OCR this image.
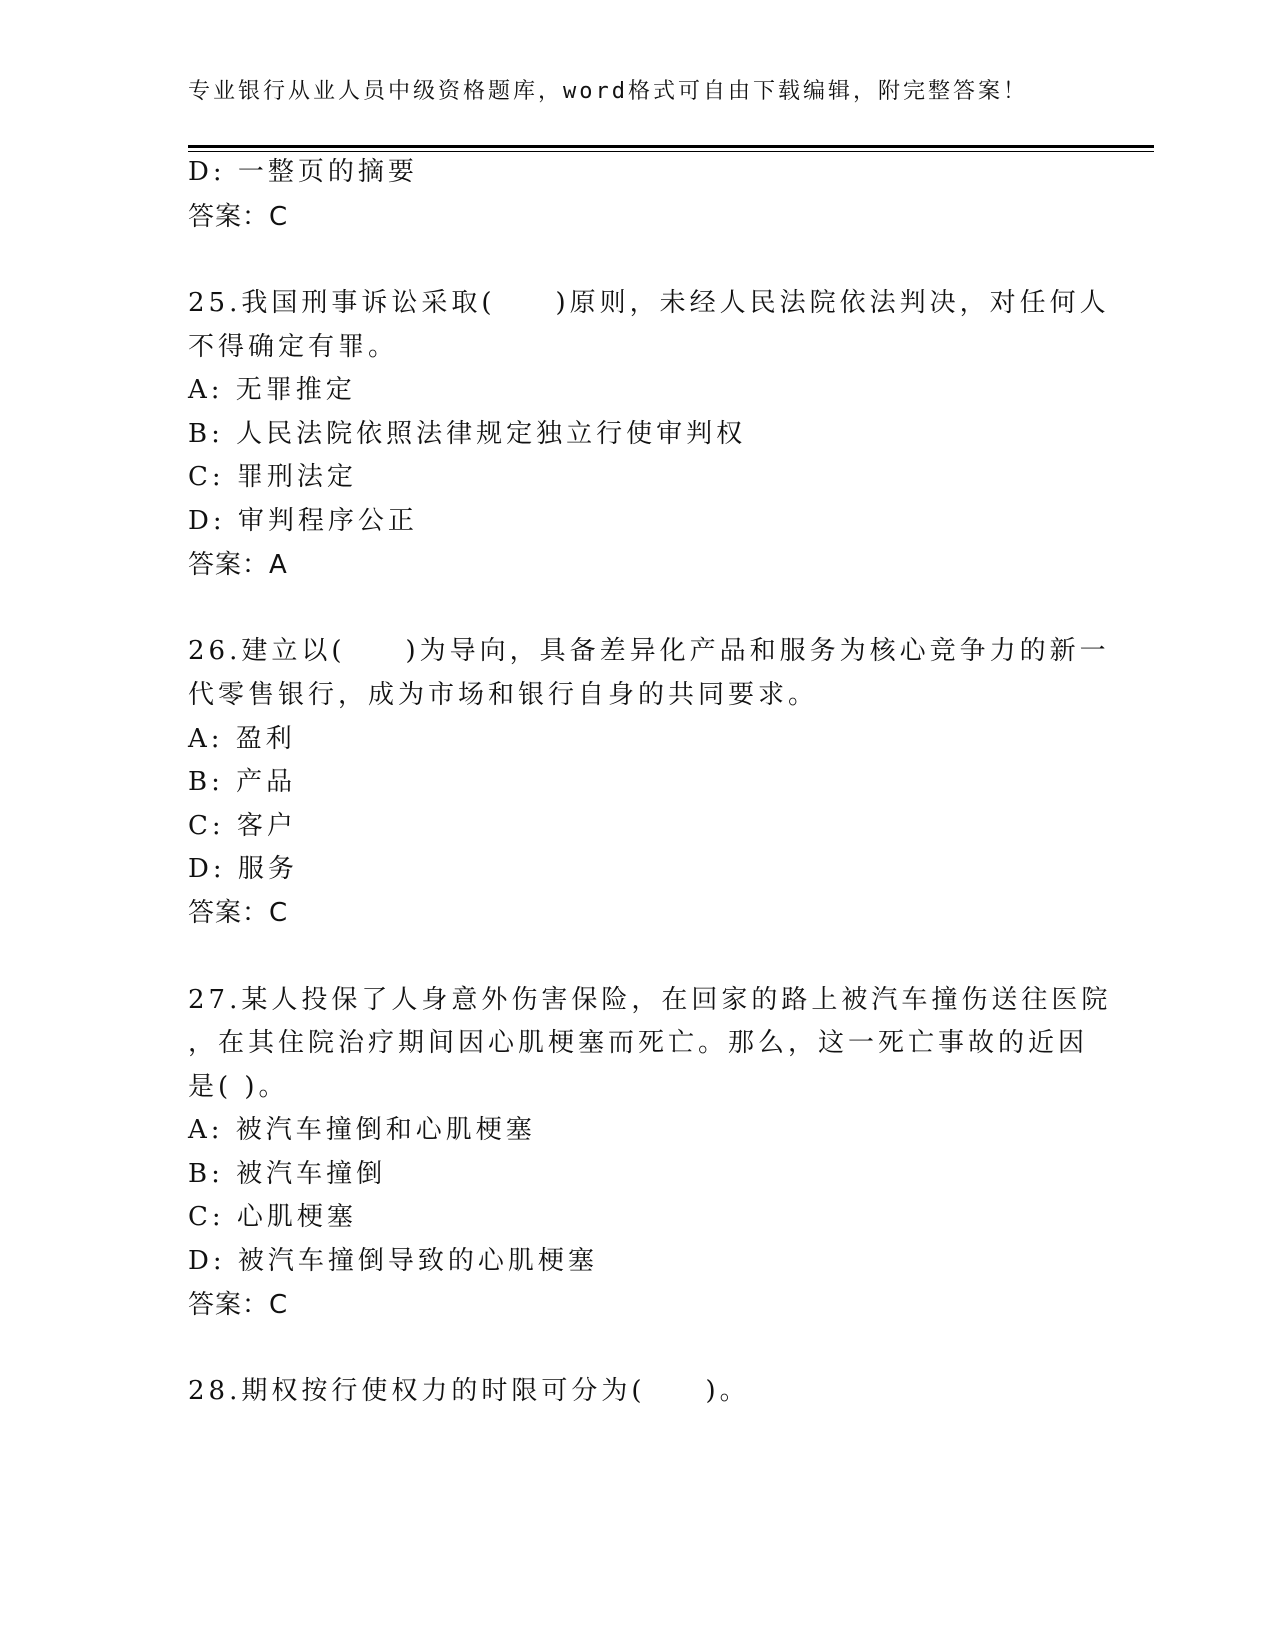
专业银行从业人员中级资格题库，word格式可自由下载编辑，附完整答案！
D: 一整页的摘要
答案：C
25.我国刑事诉讼采取(　　)原则，未经人民法院依法判决，对任何人
不得确定有罪。
A: 无罪推定
B: 人民法院依照法律规定独立行使审判权
C: 罪刑法定
D: 审判程序公正
答案：A
26.建立以(　　)为导向，具备差异化产品和服务为核心竞争力的新一
代零售银行，成为市场和银行自身的共同要求。
A: 盈利
B: 产品
C: 客户
D: 服务
答案：C
27.某人投保了人身意外伤害保险，在回家的路上被汽车撞伤送往医院
，在其住院治疗期间因心肌梗塞而死亡。那么，这一死亡事故的近因
是( )。
A: 被汽车撞倒和心肌梗塞
B: 被汽车撞倒
C: 心肌梗塞
D: 被汽车撞倒导致的心肌梗塞
答案：C
28.期权按行使权力的时限可分为(　　)。
